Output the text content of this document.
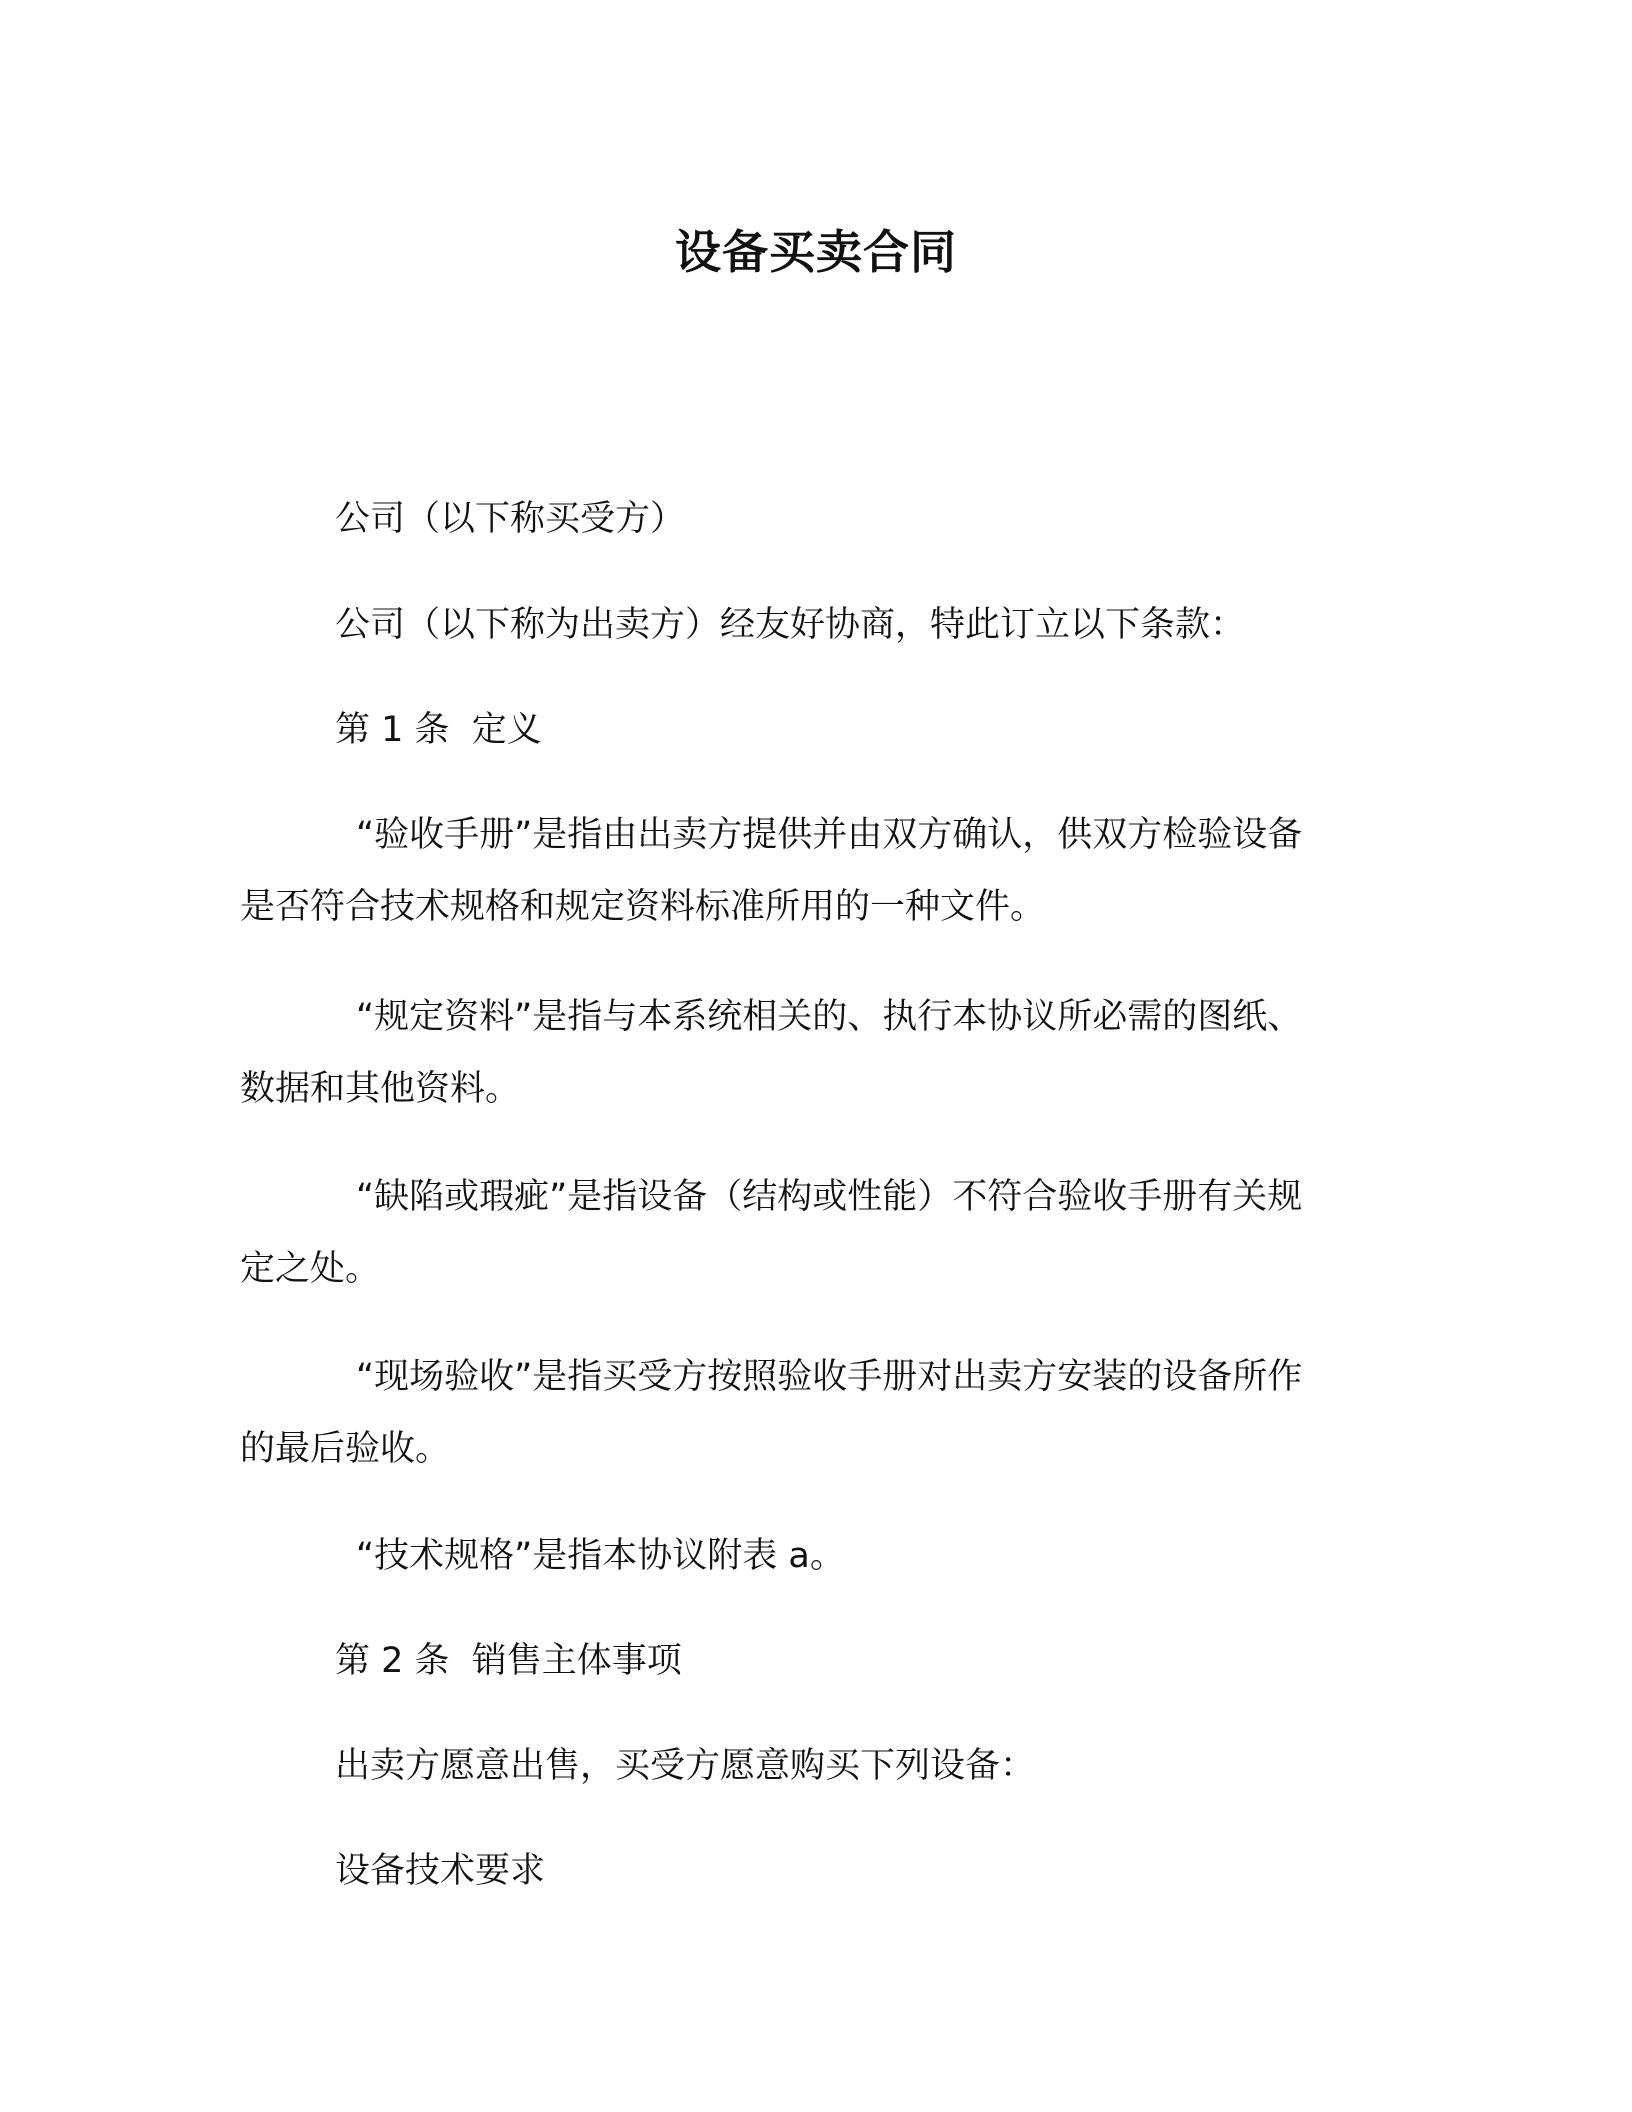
设备买卖合同

公司（以下称买受方）

公司（以下称为出卖方）经友好协商，特此订立以下条款：

第 1 条  定义

“验收手册”是指由出卖方提供并由双方确认，供双方检验设备

是否符合技术规格和规定资料标准所用的一种文件。

“规定资料”是指与本系统相关的、执行本协议所必需的图纸、

数据和其他资料。

“缺陷或瑕疵”是指设备（结构或性能）不符合验收手册有关规

定之处。

“现场验收”是指买受方按照验收手册对出卖方安装的设备所作

的最后验收。

“技术规格”是指本协议附表 a。

第 2 条  销售主体事项

出卖方愿意出售，买受方愿意购买下列设备：

设备技术要求
